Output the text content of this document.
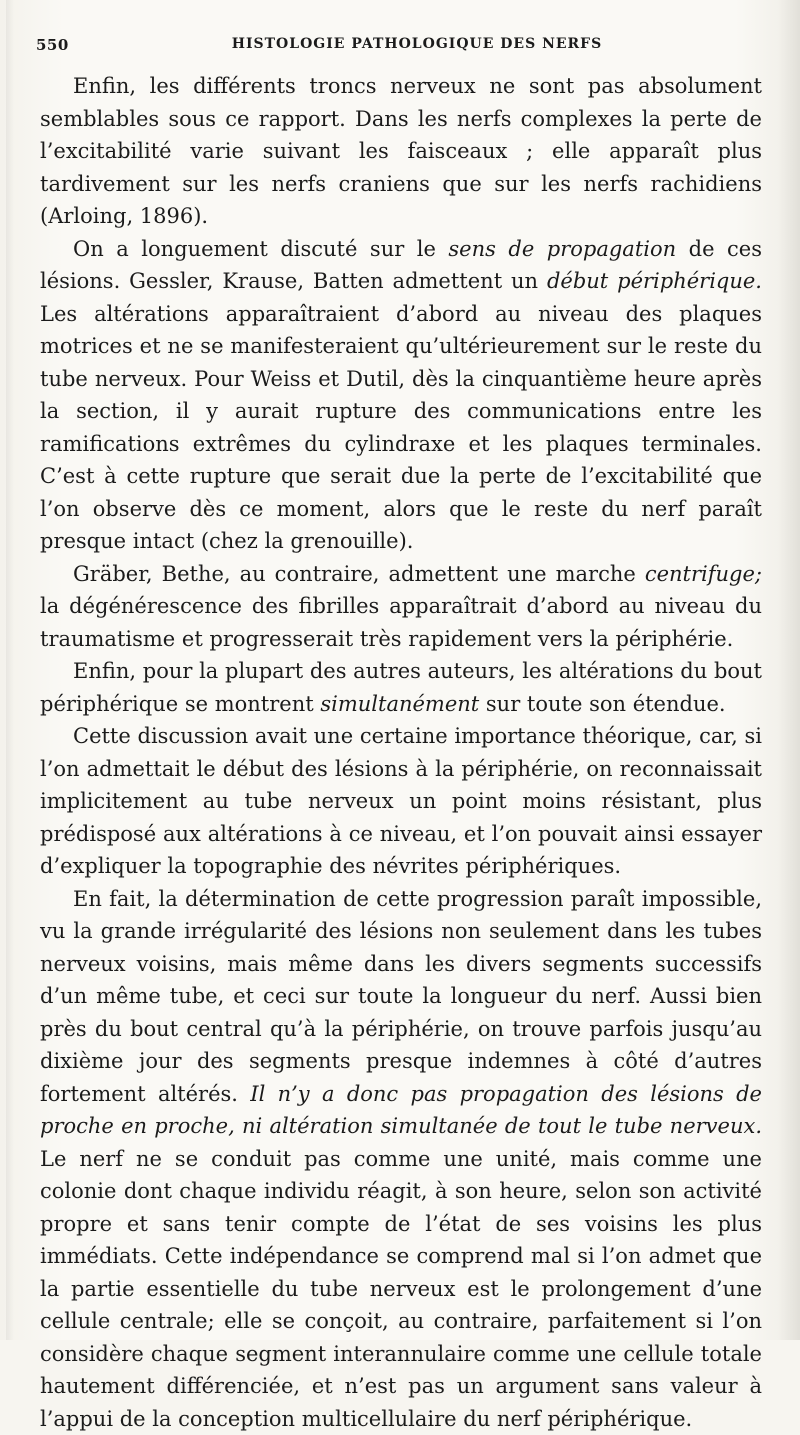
550	HISTOLOGIE PATHOLOGIQUE DES NERFS

Enfin, les différents troncs nerveux ne sont pas absolument semblables sous ce rapport. Dans les nerfs complexes la perte de l’excitabilité varie suivant les faisceaux ; elle apparaît plus tardivement sur les nerfs craniens que sur les nerfs rachidiens (Arloing, 1896).

On a longuement discuté sur le sens de propagation de ces lésions. Gessler, Krause, Batten admettent un début périphérique. Les altérations apparaîtraient d’abord au niveau des plaques motrices et ne se manifesteraient qu’ultérieurement sur le reste du tube nerveux. Pour Weiss et Dutil, dès la cinquantième heure après la section, il y aurait rupture des communications entre les ramifications extrêmes du cylindraxe et les plaques terminales. C’est à cette rupture que serait due la perte de l’excitabilité que l’on observe dès ce moment, alors que le reste du nerf paraît presque intact (chez la grenouille).

Gräber, Bethe, au contraire, admettent une marche centrifuge; la dégénérescence des fibrilles apparaîtrait d’abord au niveau du traumatisme et progresserait très rapidement vers la périphérie.

Enfin, pour la plupart des autres auteurs, les altérations du bout périphérique se montrent simultanément sur toute son étendue.

Cette discussion avait une certaine importance théorique, car, si l’on admettait le début des lésions à la périphérie, on reconnaissait implicitement au tube nerveux un point moins résistant, plus prédisposé aux altérations à ce niveau, et l’on pouvait ainsi essayer d’expliquer la topographie des névrites périphériques.

En fait, la détermination de cette progression paraît impossible, vu la grande irrégularité des lésions non seulement dans les tubes nerveux voisins, mais même dans les divers segments successifs d’un même tube, et ceci sur toute la longueur du nerf. Aussi bien près du bout central qu’à la périphérie, on trouve parfois jusqu’au dixième jour des segments presque indemnes à côté d’autres fortement altérés. Il n’y a donc pas propagation des lésions de proche en proche, ni altération simultanée de tout le tube nerveux. Le nerf ne se conduit pas comme une unité, mais comme une colonie dont chaque individu réagit, à son heure, selon son activité propre et sans tenir compte de l’état de ses voisins les plus immédiats. Cette indépendance se comprend mal si l’on admet que la partie essentielle du tube nerveux est le prolongement d’une cellule centrale; elle se conçoit, au contraire, parfaitement si l’on considère chaque segment interannulaire comme une cellule totale hautement différenciée, et n’est pas un argument sans valeur à l’appui de la conception multicellulaire du nerf périphérique.
